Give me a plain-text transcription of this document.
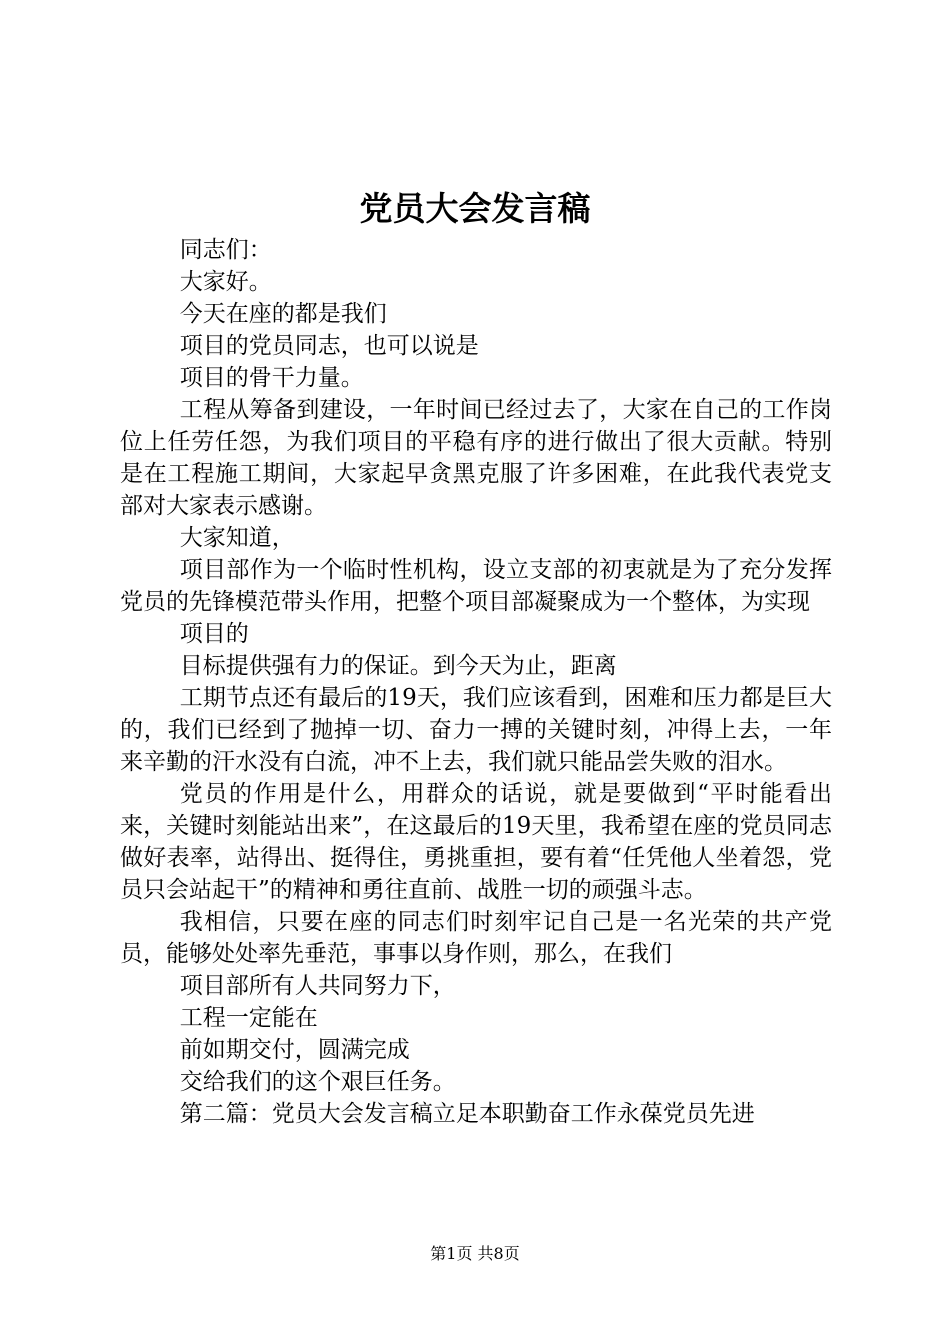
党员大会发言稿

同志们：

大家好。

今天在座的都是我们

项目的党员同志，也可以说是

项目的骨干力量。

工程从筹备到建设，一年时间已经过去了，大家在自己的工作岗位上任劳任怨，为我们项目的平稳有序的进行做出了很大贡献。特别是在工程施工期间，大家起早贪黑克服了许多困难，在此我代表党支部对大家表示感谢。

大家知道，

项目部作为一个临时性机构，设立支部的初衷就是为了充分发挥党员的先锋模范带头作用，把整个项目部凝聚成为一个整体，为实现

项目的

目标提供强有力的保证。到今天为止，距离

工期节点还有最后的19天，我们应该看到，困难和压力都是巨大的，我们已经到了抛掉一切、奋力一搏的关键时刻，冲得上去，一年来辛勤的汗水没有白流，冲不上去，我们就只能品尝失败的泪水。

党员的作用是什么，用群众的话说，就是要做到“平时能看出来，关键时刻能站出来”，在这最后的19天里，我希望在座的党员同志做好表率，站得出、挺得住，勇挑重担，要有着“任凭他人坐着怨，党员只会站起干”的精神和勇往直前、战胜一切的顽强斗志。

我相信，只要在座的同志们时刻牢记自己是一名光荣的共产党员，能够处处率先垂范，事事以身作则，那么，在我们

项目部所有人共同努力下，

工程一定能在

前如期交付，圆满完成

交给我们的这个艰巨任务。

第二篇：党员大会发言稿立足本职勤奋工作永葆党员先进

第1页 共8页
